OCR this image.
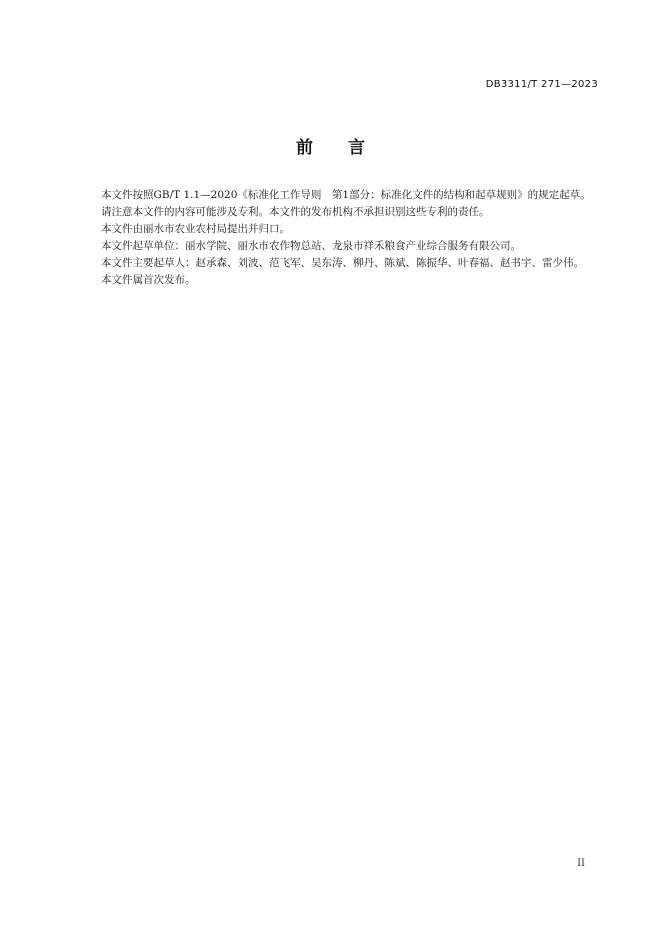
DB3311/T 271—2023
前 言

本文件按照GB/T 1.1—2020《标准化工作导则　第1部分：标准化文件的结构和起草规则》的规定起草。

请注意本文件的内容可能涉及专利。本文件的发布机构不承担识别这些专利的责任。

本文件由丽水市农业农村局提出并归口。

本文件起草单位：丽水学院、丽水市农作物总站、龙泉市祥禾粮食产业综合服务有限公司。

本文件主要起草人：赵承森、刘波、范飞军、吴东涛、柳丹、陈斌、陈振华、叶春福、赵书宇、雷少伟。

本文件属首次发布。

II
